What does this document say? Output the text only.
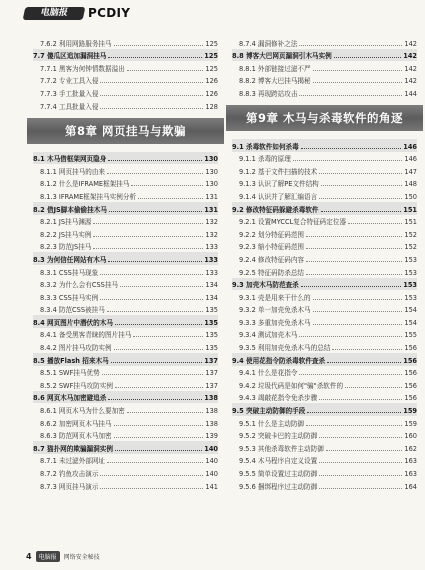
电脑报	PCDIY
7.6.2 利用网路服务挂马	125
7.7 傻瓜区追加漏洞挂马	125
7.7.1 黑客为何钟情数据溢出	125
7.7.2 专业工具入侵	126
7.7.3 手工批量入侵	126
7.7.4 工具批量入侵	128
第8章 网页挂马与欺骗
8.1 木马借框架网页隐身	130
8.1.1 网页挂马的由来	130
8.1.2 什么是IFRAME框架挂马	130
8.1.3 IFRAME框架挂马实例分析	131
8.2 借JS脚本偷偷挂木马	131
8.2.1 JS挂马渊源	132
8.2.2 JS挂马实例	132
8.2.3 防范JS挂马	133
8.3 为何信任网站有木马	133
8.3.1 CSS挂马现象	133
8.3.2 为什么会有CSS挂马	134
8.3.3 CSS挂马实例	134
8.3.4 防范CSS被挂马	135
8.4 网页图片中潜伏的木马	135
8.4.1 备受黑客青睐的图片挂马	135
8.4.2 图片挂马攻防实例	135
8.5 播放Flash 招来木马	137
8.5.1 SWF挂马优势	137
8.5.2 SWF挂马攻防实例	137
8.6 网页木马加密避追杀	138
8.6.1 网页木马为什么要加密	138
8.6.2 加密网页木马挂马	138
8.6.3 防范网页木马加密	139
8.7 猫扑网的欺骗漏洞实例	140
8.7.1 未过滤外部网址	140
8.7.2 钓鱼攻击演示	140
8.7.3 网页挂马演示	141
8.7.4 漏洞修补之法	142
8.8 博客大巴网页漏洞引木马实例	142
8.8.1 外部链接过滤不严	142
8.8.2 博客大巴挂马揭秘	142
8.8.3 再现跨站攻击	144
第9章 木马与杀毒软件的角逐
9.1 杀毒软件如何杀毒	146
9.1.1 杀毒的原理	146
9.1.2 基于文件扫描的技术	147
9.1.3 认识了解PE文件结构	148
9.1.4 认识并了解汇编语言	150
9.2 修改特征码躲避杀毒软件	151
9.2.1 设置MYCCL复合特征码定位器	151
9.2.2 划分特征码范围	152
9.2.3 缩小特征码范围	152
9.2.4 修改特征码内容	153
9.2.5 特征码防杀总结	153
9.3 加壳木马防范查杀	153
9.3.1 壳是用来干什么的	153
9.3.2 单一加壳免杀木马	154
9.3.3 多重加壳免杀木马	154
9.3.4 测试加壳木马	155
9.3.5 利用加壳免杀木马的总结	156
9.4 使用花指令防杀毒软件查杀	156
9.4.1 什么是花指令	156
9.4.2 垃圾代码是如何"骗"杀软件的	156
9.4.3 竭敲花指令免杀步骤	156
9.5 突破主动防御的手段	159
9.5.1 什么是主动防御	159
9.5.2 突破卡巴的主动防御	160
9.5.3 其他杀毒软件主动防御	162
9.5.4 木马程序自定义设置	163
9.5.5 简单设置过主动防御	163
9.5.6 捆绑程序过主动防御	164
4	电脑报	网络安全秘技
